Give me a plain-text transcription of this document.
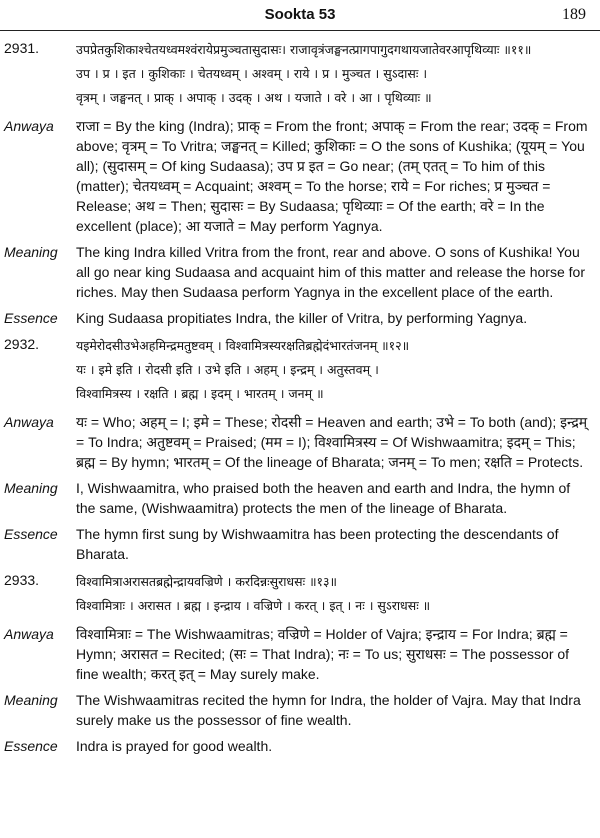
Sookta 53	189
2931.	उपप्रेतकुशिकाश्चेतयध्वमश्वंरायेप्रमुञ्चतासुदासः। राजावृत्रंजङ्घनत्प्रागपागुदगथायजातेवरआपृथिव्याः ॥११॥
उप । प्र । इत । कुशिकाः । चेतयध्वम् । अश्वम् । राये । प्र । मुञ्चत । सुऽदासः ।
वृत्रम् । जङ्घनत् । प्राक् । अपाक् । उदक् । अथ । यजाते । वरे । आ । पृथिव्याः ॥
Anwaya	राजा = By the king (Indra); प्राक् = From the front; अपाक् = From the rear; उदक् = From above; वृत्रम् = To Vritra; जङ्घनत् = Killed; कुशिकाः = O the sons of Kushika; (यूयम् = You all); (सुदासम् = Of king Sudaasa); उप प्र इत = Go near; (तम् एतत् = To him of this (matter); चेतयध्वम् = Acquaint; अश्वम् = To the horse; राये = For riches; प्र मुञ्चत = Release; अथ = Then; सुदासः = By Sudaasa; पृथिव्याः = Of the earth; वरे = In the excellent (place); आ यजाते = May perform Yagnya.
Meaning	The king Indra killed Vritra from the front, rear and above. O sons of Kushika! You all go near king Sudaasa and acquaint him of this matter and release the horse for riches. May then Sudaasa perform Yagnya in the excellent place of the earth.
Essence	King Sudaasa propitiates Indra, the killer of Vritra, by performing Yagnya.
2932.	यइमेरोदसीउभेअहमिन्द्रमतुष्टवम् । विश्वामित्रस्यरक्षतिब्रह्मेदंभारतंजनम् ॥१२॥
यः । इमे इति । रोदसी इति । उभे इति । अहम् । इन्द्रम् । अतुस्तवम् ।
विश्वामित्रस्य । रक्षति । ब्रह्म । इदम् । भारतम् । जनम् ॥
Anwaya	यः = Who; अहम् = I; इमे = These; रोदसी = Heaven and earth; उभे = To both (and); इन्द्रम् = To Indra; अतुष्टवम् = Praised; (मम = I); विश्वामित्रस्य = Of Wishwaamitra; इदम् = This; ब्रह्म = By hymn; भारतम् = Of the lineage of Bharata; जनम् = To men; रक्षति = Protects.
Meaning	I, Wishwaamitra, who praised both the heaven and earth and Indra, the hymn of the same, (Wishwaamitra) protects the men of the lineage of Bharata.
Essence	The hymn first sung by Wishwaamitra has been protecting the descendants of Bharata.
2933.	विश्वामित्राअरासतब्रह्मेन्द्रायवज्रिणे । करदिन्नःसुराधसः ॥१३॥
विश्वामित्राः । अरासत । ब्रह्म । इन्द्राय । वज्रिणे । करत् । इत् । नः । सुऽराधसः ॥
Anwaya	विश्वामित्राः = The Wishwaamitras; वज्रिणे = Holder of Vajra; इन्द्राय = For Indra; ब्रह्म = Hymn; अरासत = Recited; (सः = That Indra); नः = To us; सुराधसः = The possessor of fine wealth; करत् इत् = May surely make.
Meaning	The Wishwaamitras recited the hymn for Indra, the holder of Vajra. May that Indra surely make us the possessor of fine wealth.
Essence	Indra is prayed for good wealth.
